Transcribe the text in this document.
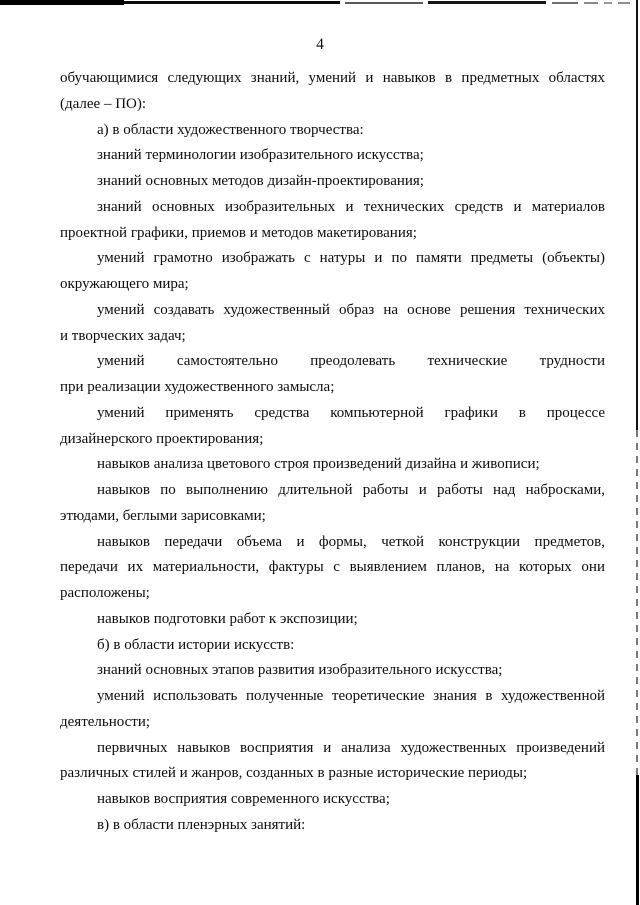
4

обучающимися следующих знаний, умений и навыков в предметных областях
(далее – ПО):

а) в области художественного творчества:

знаний терминологии изобразительного искусства;

знаний основных методов дизайн-проектирования;

знаний основных изобразительных и технических средств и материалов
проектной графики, приемов и методов макетирования;

умений грамотно изображать с натуры и по памяти предметы (объекты)
окружающего мира;

умений создавать художественный образ на основе решения технических
и творческих задач;

умений самостоятельно преодолевать технические трудности
при реализации художественного замысла;

умений применять средства компьютерной графики в процессе
дизайнерского проектирования;

навыков анализа цветового строя произведений дизайна и живописи;

навыков по выполнению длительной работы и работы над набросками,
этюдами, беглыми зарисовками;

навыков передачи объема и формы, четкой конструкции предметов,
передачи их материальности, фактуры с выявлением планов, на которых они
расположены;

навыков подготовки работ к экспозиции;

б) в области истории искусств:

знаний основных этапов развития изобразительного искусства;

умений использовать полученные теоретические знания в художественной
деятельности;

первичных навыков восприятия и анализа художественных произведений
различных стилей и жанров, созданных в разные исторические периоды;

навыков восприятия современного искусства;

в) в области пленэрных занятий:
